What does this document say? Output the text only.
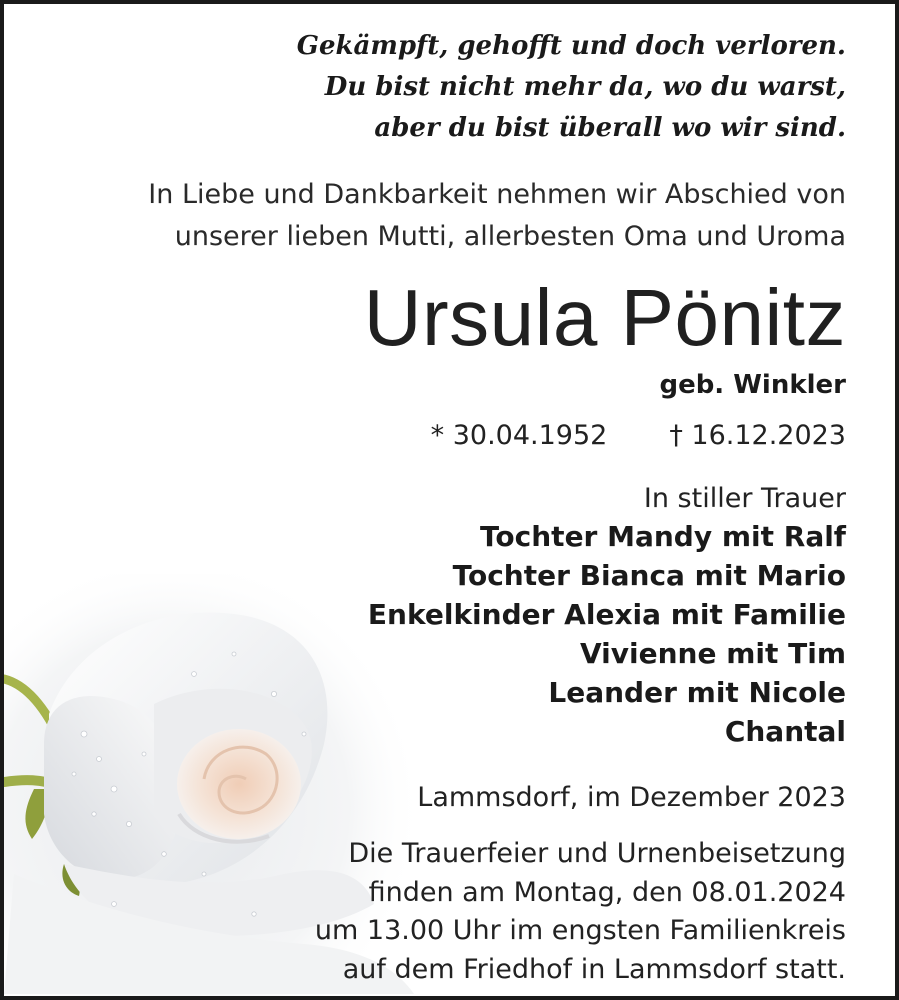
Gekämpft, gehofft und doch verloren.
Du bist nicht mehr da, wo du warst,
aber du bist überall wo wir sind.
In Liebe und Dankbarkeit nehmen wir Abschied von
unserer lieben Mutti, allerbesten Oma und Uroma
Ursula Pönitz
geb. Winkler
* 30.04.1952 † 16.12.2023
In stiller Trauer
Tochter Mandy mit Ralf
Tochter Bianca mit Mario
Enkelkinder Alexia mit Familie
Vivienne mit Tim
Leander mit Nicole
Chantal
Lammsdorf, im Dezember 2023
Die Trauerfeier und Urnenbeisetzung
finden am Montag, den 08.01.2024
um 13.00 Uhr im engsten Familienkreis
auf dem Friedhof in Lammsdorf statt.
